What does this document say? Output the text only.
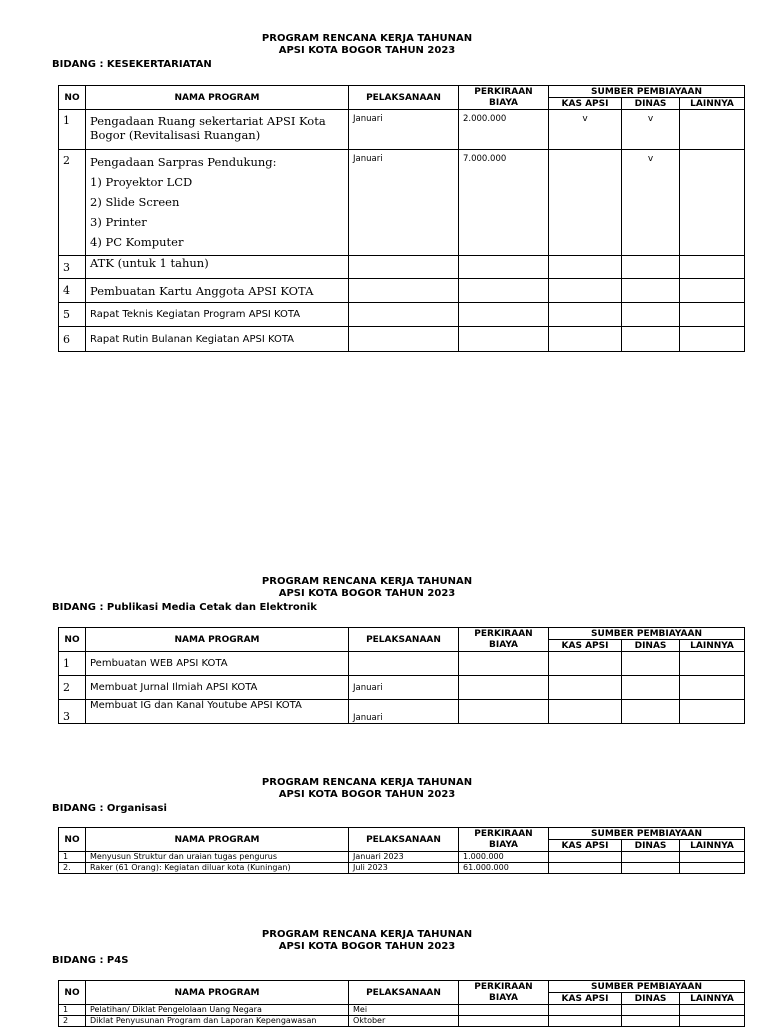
PROGRAM RENCANA KERJA TAHUNAN
APSI KOTA BOGOR TAHUN 2023
BIDANG : KESEKERTARIATAN
NO	NAMA PROGRAM	PELAKSANAAN	PERKIRAAN BIAYA	SUMBER PEMBIAYAAN		
				KAS APSI	DINAS	LAINNYA
1	Pengadaan Ruang sekertariat APSI Kota Bogor (Revitalisasi Ruangan)	Januari	2.000.000	v	v	
2	Pengadaan Sarpras Pendukung:
1) Proyektor LCD
2) Slide Screen
3) Printer
4) PC Komputer	Januari	7.000.000		v	
3	ATK (untuk 1 tahun)					
4	Pembuatan Kartu Anggota APSI KOTA					
5	Rapat Teknis Kegiatan Program APSI KOTA					
6	Rapat Rutin Bulanan Kegiatan APSI KOTA					
PROGRAM RENCANA KERJA TAHUNAN
APSI KOTA BOGOR TAHUN 2023
BIDANG : Publikasi Media Cetak dan Elektronik
NO	NAMA PROGRAM	PELAKSANAAN	PERKIRAAN BIAYA	SUMBER PEMBIAYAAN		
				KAS APSI	DINAS	LAINNYA
1	Pembuatan WEB APSI KOTA					
2	Membuat Jurnal Ilmiah APSI KOTA	Januari				
3	Membuat IG dan Kanal Youtube APSI KOTA	Januari				
PROGRAM RENCANA KERJA TAHUNAN
APSI KOTA BOGOR TAHUN 2023
BIDANG : Organisasi
NO	NAMA PROGRAM	PELAKSANAAN	PERKIRAAN BIAYA	SUMBER PEMBIAYAAN		
				KAS APSI	DINAS	LAINNYA
1	Menyusun Struktur dan uraian tugas pengurus	Januari 2023	1.000.000			
2.	Raker (61 Orang): Kegiatan diluar kota (Kuningan)	Juli 2023	61.000.000			
PROGRAM RENCANA KERJA TAHUNAN
APSI KOTA BOGOR TAHUN 2023
BIDANG : P4S
NO	NAMA PROGRAM	PELAKSANAAN	PERKIRAAN BIAYA	SUMBER PEMBIAYAAN		
				KAS APSI	DINAS	LAINNYA
1	Pelatihan/ Diklat Pengelolaan Uang Negara	Mei				
2	Diklat Penyusunan Program dan Laporan Kepengawasan	Oktober				
